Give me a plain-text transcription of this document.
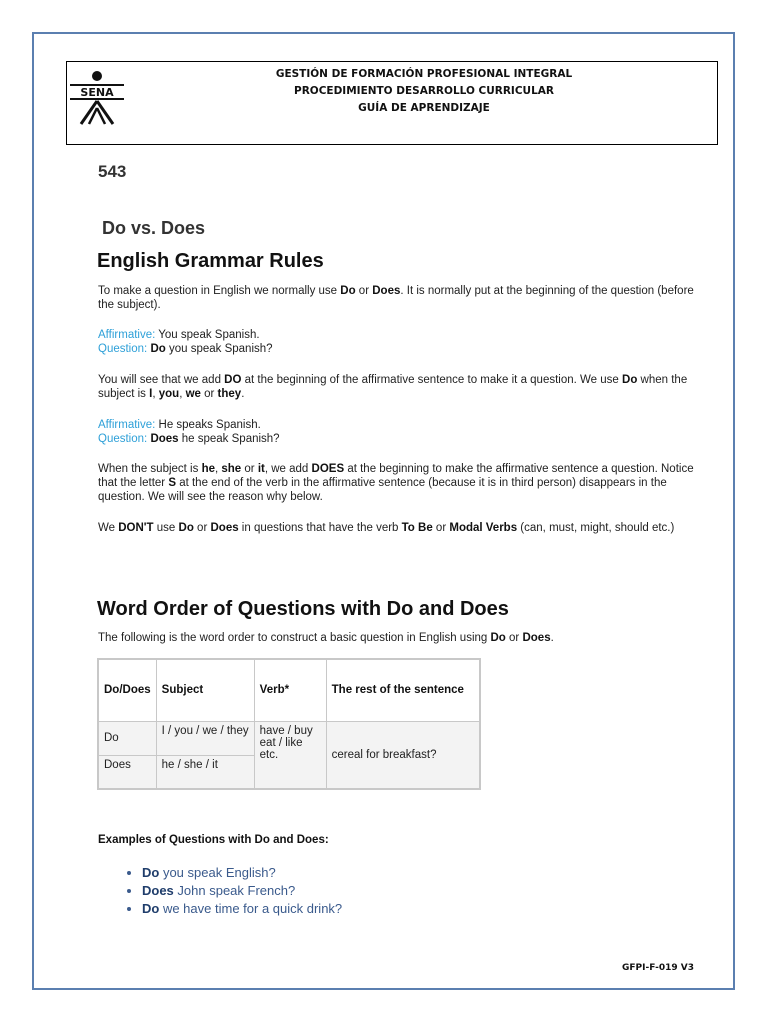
SENA
GESTIÓN DE FORMACIÓN PROFESIONAL INTEGRAL
PROCEDIMIENTO DESARROLLO CURRICULAR
GUÍA DE APRENDIZAJE
543
Do vs. Does
English Grammar Rules
To make a question in English we normally use Do or Does. It is normally put at the beginning of the question (before the subject).
Affirmative: You speak Spanish.
Question: Do you speak Spanish?
You will see that we add DO at the beginning of the affirmative sentence to make it a question. We use Do when the subject is I, you, we or they.
Affirmative: He speaks Spanish.
Question: Does he speak Spanish?
When the subject is he, she or it, we add DOES at the beginning to make the affirmative sentence a question. Notice that the letter S at the end of the verb in the affirmative sentence (because it is in third person) disappears in the question. We will see the reason why below.
We DON'T use Do or Does in questions that have the verb To Be or Modal Verbs (can, must, might, should etc.)
Word Order of Questions with Do and Does
The following is the word order to construct a basic question in English using Do or Does.
Do/Does	Subject	Verb*	The rest of the sentence
Do	I / you / we / they	have / buy eat / like etc.	cereal for breakfast?
Does	he / she / it		
Examples of Questions with Do and Does:
• Do you speak English?
• Does John speak French?
• Do we have time for a quick drink?
GFPI-F-019 V3
